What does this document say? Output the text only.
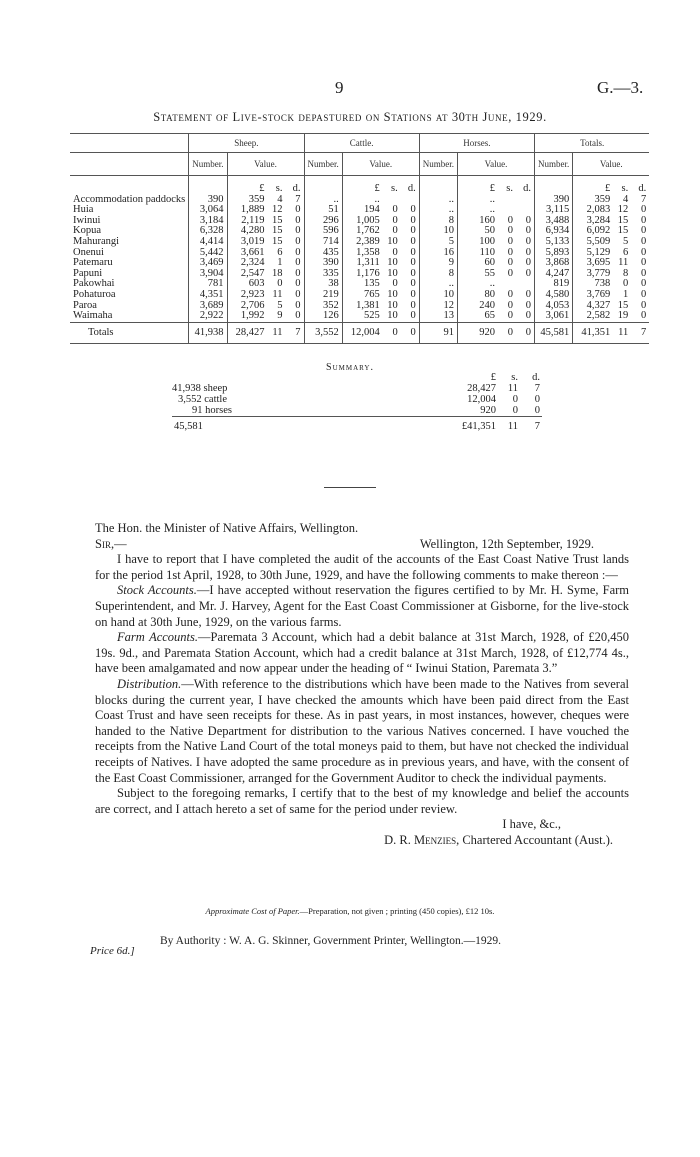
9	G.—3.
Statement of Live-stock depastured on Stations at 30th June, 1929.
	Sheep.		Cattle.		Horses.		Totals.	
	Number.	Value.	Number.	Value.	Number.	Value.	Number.	Value.
		£ s. d.		£ s. d.		£ s. d.		£ s. d.
Accommodation paddocks	390	359 4 7	..	..	..	..	390	359 4 7
Huia	3,064	1,889 12 0	51	194 0 0	..	..	3,115	2,083 12 0
Iwinui	3,184	2,119 15 0	296	1,005 0 0	8	160 0 0	3,488	3,284 15 0
Kopua	6,328	4,280 15 0	596	1,762 0 0	10	50 0 0	6,934	6,092 15 0
Mahurangi	4,414	3,019 15 0	714	2,389 10 0	5	100 0 0	5,133	5,509 5 0
Onenui	5,442	3,661 6 0	435	1,358 0 0	16	110 0 0	5,893	5,129 6 0
Patemaru	3,469	2,324 1 0	390	1,311 10 0	9	60 0 0	3,868	3,695 11 0
Papuni	3,904	2,547 18 0	335	1,176 10 0	8	55 0 0	4,247	3,779 8 0
Pakowhai	781	603 0 0	38	135 0 0	..	..	819	738 0 0
Pohaturoa	4,351	2,923 11 0	219	765 10 0	10	80 0 0	4,580	3,769 1 0
Paroa	3,689	2,706 5 0	352	1,381 10 0	12	240 0 0	4,053	4,327 15 0
Waimaha	2,922	1,992 9 0	126	525 10 0	13	65 0 0	3,061	2,582 19 0
Totals	41,938	28,427 11 7	3,552	12,004 0 0	91	920 0 0	45,581	41,351 11 7
Summary.
	£	s.	d.
41,938 sheep	28,427	11	7
3,552 cattle	12,004	0	0
91 horses	920	0	0
45,581	£41,351	11	7

The Hon. the Minister of Native Affairs, Wellington.

Sir,—	Wellington, 12th September, 1929.

I have to report that I have completed the audit of the accounts of the East Coast Native Trust lands for the period 1st April, 1928, to 30th June, 1929, and have the following comments to make thereon :—

Stock Accounts.—I have accepted without reservation the figures certified to by Mr. H. Syme, Farm Superintendent, and Mr. J. Harvey, Agent for the East Coast Commissioner at Gisborne, for the live-stock on hand at 30th June, 1929, on the various farms.

Farm Accounts.—Paremata 3 Account, which had a debit balance at 31st March, 1928, of £20,450 19s. 9d., and Paremata Station Account, which had a credit balance at 31st March, 1928, of £12,774 4s., have been amalgamated and now appear under the heading of “ Iwinui Station, Paremata 3.”

Distribution.—With reference to the distributions which have been made to the Natives from several blocks during the current year, I have checked the amounts which have been paid direct from the East Coast Trust and have seen receipts for these. As in past years, in most instances, however, cheques were handed to the Native Department for distribution to the various Natives concerned. I have vouched the receipts from the Native Land Court of the total moneys paid to them, but have not checked the individual receipts of Natives. I have adopted the same procedure as in previous years, and have, with the consent of the East Coast Commissioner, arranged for the Government Auditor to check the individual payments.

Subject to the foregoing remarks, I certify that to the best of my knowledge and belief the accounts are correct, and I attach hereto a set of same for the period under review.

I have, &c.,

D. R. Menzies, Chartered Accountant (Aust.).

Approximate Cost of Paper.—Preparation, not given ; printing (450 copies), £12 10s.
By Authority : W. A. G. Skinner, Government Printer, Wellington.—1929.
Price 6d.]
